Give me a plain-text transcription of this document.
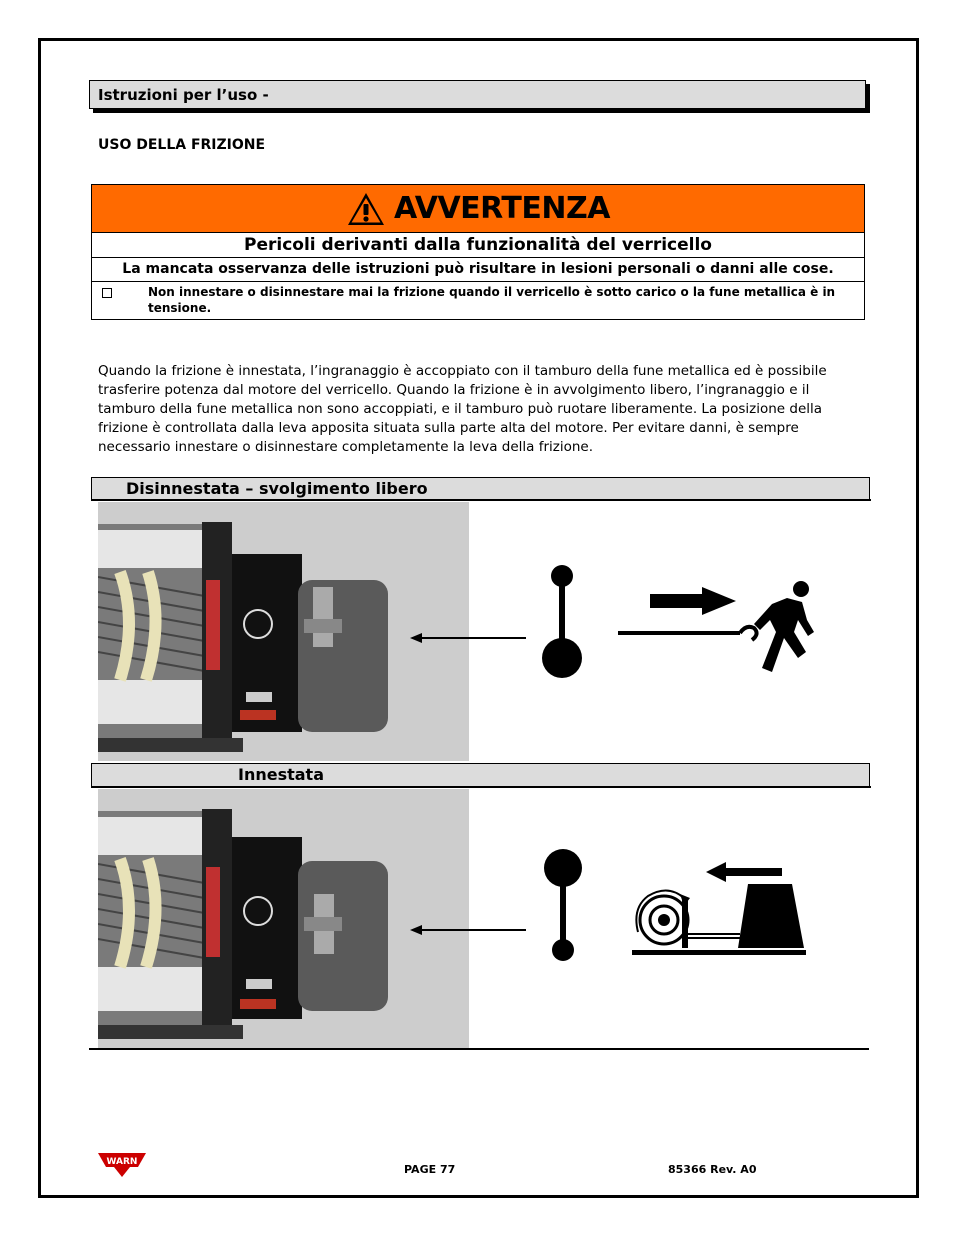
Istruzioni per l’uso -
USO DELLA FRIZIONE
AVVERTENZA
Pericoli derivanti dalla funzionalità del verricello
La mancata osservanza delle istruzioni può risultare in lesioni personali o danni alle cose.
Non innestare o disinnestare mai la frizione quando il verricello è sotto carico o la fune metallica è in tensione.
Quando la frizione è innestata, l’ingranaggio è accoppiato con il tamburo della fune metallica ed è possibile trasferire potenza dal motore del verricello. Quando la frizione è in avvolgimento libero, l’ingranaggio e il tamburo della fune metallica non sono accoppiati, e il tamburo può ruotare liberamente. La posizione della frizione è controllata dalla leva apposita situata sulla parte alta del motore. Per evitare danni, è sempre necessario innestare o disinnestare completamente la leva della frizione.
Disinnestata – svolgimento libero
Innestata
WARN
PAGE 77	85366 Rev. A0
